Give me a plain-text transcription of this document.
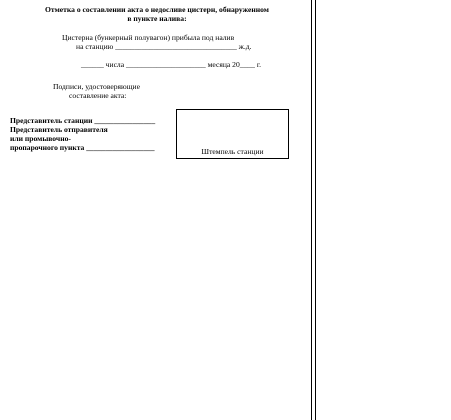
Отметка о составлении акта о недосливе цистерн, обнаруженном
в пункте налива:
Цистерна (бункерный полувагон) прибыла под налив
на станцию ________________________________ ж.д.
______ числа _____________________ месяца 20____ г.
Подписи, удостоверяющие
составление акта:
Представитель станции ________________
Представитель отправителя
или промывочно-
пропарочного пункта __________________	Штемпель станции
